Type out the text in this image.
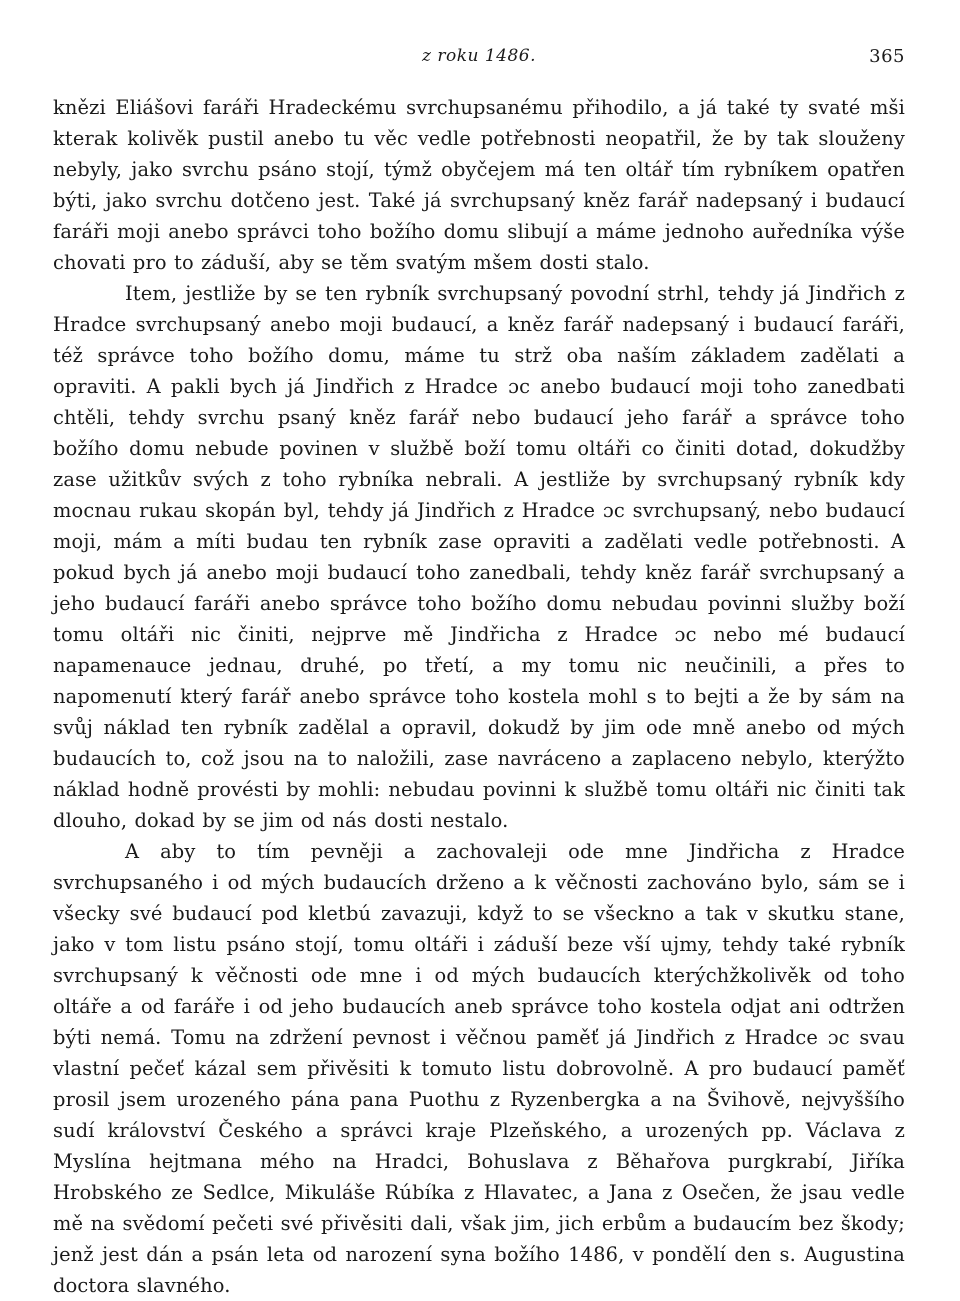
z roku 1486.	365

knězi Eliášovi faráři Hradeckému svrchupsanému přihodilo, a já také ty svaté mši kterak kolivěk pustil anebo tu věc vedle potřebnosti neopatřil, že by tak slouženy nebyly, jako svrchu psáno stojí, týmž obyčejem má ten oltář tím rybníkem opatřen býti, jako svrchu dotčeno jest. Také já svrchupsaný kněz farář nadepsaný i budaucí faráři moji anebo správci toho božího domu slibují a máme jednoho auředníka výše chovati pro to záduší, aby se těm svatým mšem dosti stalo.

Item, jestliže by se ten rybník svrchupsaný povodní strhl, tehdy já Jindřich z Hradce svrchupsaný anebo moji budaucí, a kněz farář nadepsaný i budaucí faráři, též správce toho božího domu, máme tu strž oba naším základem zadělati a opraviti. A pakli bych já Jindřich z Hradce ɔc anebo budaucí moji toho zanedbati chtěli, tehdy svrchu psaný kněz farář nebo budaucí jeho farář a správce toho božího domu nebude povinen v službě boží tomu oltáři co činiti dotad, dokudžby zase užitkův svých z toho rybníka nebrali. A jestliže by svrchupsaný rybník kdy mocnau rukau skopán byl, tehdy já Jindřich z Hradce ɔc svrchupsaný, nebo budaucí moji, mám a míti budau ten rybník zase opraviti a zadělati vedle potřebnosti. A pokud bych já anebo moji budaucí toho zanedbali, tehdy kněz farář svrchupsaný a jeho budaucí faráři anebo správce toho božího domu nebudau povinni služby boží tomu oltáři nic činiti, nejprve mě Jindřicha z Hradce ɔc nebo mé budaucí napamenauce jednau, druhé, po třetí, a my tomu nic neučinili, a přes to napomenutí který farář anebo správce toho kostela mohl s to bejti a že by sám na svůj náklad ten rybník zadělal a opravil, dokudž by jim ode mně anebo od mých budaucích to, což jsou na to naložili, zase navráceno a zaplaceno nebylo, kterýžto náklad hodně provésti by mohli: nebudau povinni k službě tomu oltáři nic činiti tak dlouho, dokad by se jim od nás dosti nestalo.

A aby to tím pevněji a zachovaleji ode mne Jindřicha z Hradce svrchupsaného i od mých budaucích drženo a k věčnosti zachováno bylo, sám se i všecky své budaucí pod kletbú zavazuji, když to se všeckno a tak v skutku stane, jako v tom listu psáno stojí, tomu oltáři i záduší beze vší ujmy, tehdy také rybník svrchupsaný k věčnosti ode mne i od mých budaucích kterýchžkolivěk od toho oltáře a od faráře i od jeho budaucích aneb správce toho kostela odjat ani odtržen býti nemá. Tomu na zdržení pevnost i věčnou paměť já Jindřich z Hradce ɔc svau vlastní pečeť kázal sem přivěsiti k tomuto listu dobrovolně. A pro budaucí paměť prosil jsem urozeného pána pana Puothu z Ryzenbergka a na Švihově, nejvyššího sudí království Českého a správci kraje Plzeňského, a urozených pp. Václava z Myslína hejtmana mého na Hradci, Bohuslava z Běhařova purgkrabí, Jiříka Hrobského ze Sedlce, Mikuláše Rúbíka z Hlavatec, a Jana z Osečen, že jsau vedle mě na svědomí pečeti své přivěsiti dali, však jim, jich erbům a budaucím bez škody; jenž jest dán a psán leta od narození syna božího 1486, v pondělí den s. Augustina doctora slavného.
